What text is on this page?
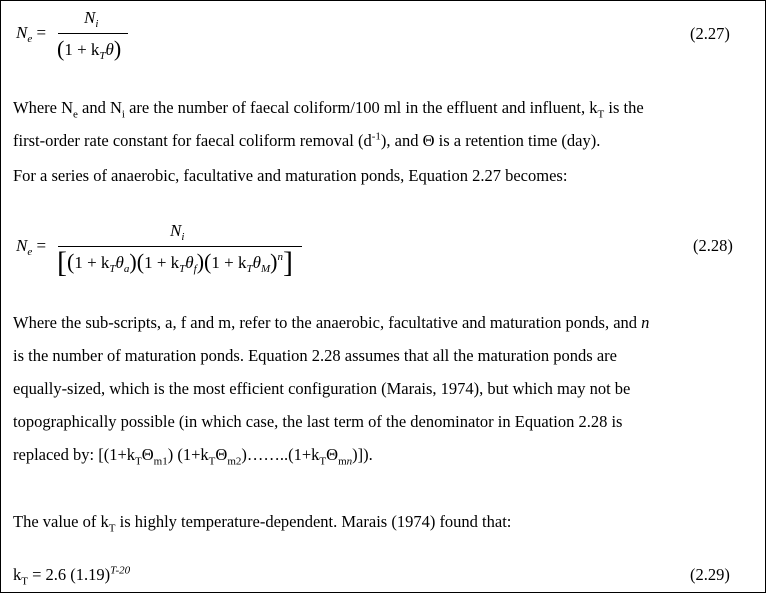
$N_e$ =
$N_i$
$(1 + k_T\theta)$
(2.27)
Where $N_e$ and $N_i$ are the number of faecal coliform/100 ml in the effluent and influent, $k_T$ is the
first-order rate constant for faecal coliform removal $(d^{-1})$, and Θ is a retention time (day).
For a series of anaerobic, facultative and maturation ponds, Equation 2.27 becomes:
$N_e$ =
$N_i$
$[(1 + k_T\theta_a)(1 + k_T\theta_f)(1 + k_T\theta_M)^n]$
(2.28)
Where the sub-scripts, a, f and m, refer to the anaerobic, facultative and maturation ponds, and n
is the number of maturation ponds. Equation 2.28 assumes that all the maturation ponds are
equally-sized, which is the most efficient configuration (Marais, 1974), but which may not be
topographically possible (in which case, the last term of the denominator in Equation 2.28 is
replaced by: [$(1+k_T\Theta_{m1})$ $(1+k_T\Theta_{m2})\dots\dots..(1+k_T\Theta_{mn})$]).
The value of $k_T$ is highly temperature-dependent. Marais (1974) found that:
$k_T = 2.6$ $(1.19)^{T-20}$	(2.29)
